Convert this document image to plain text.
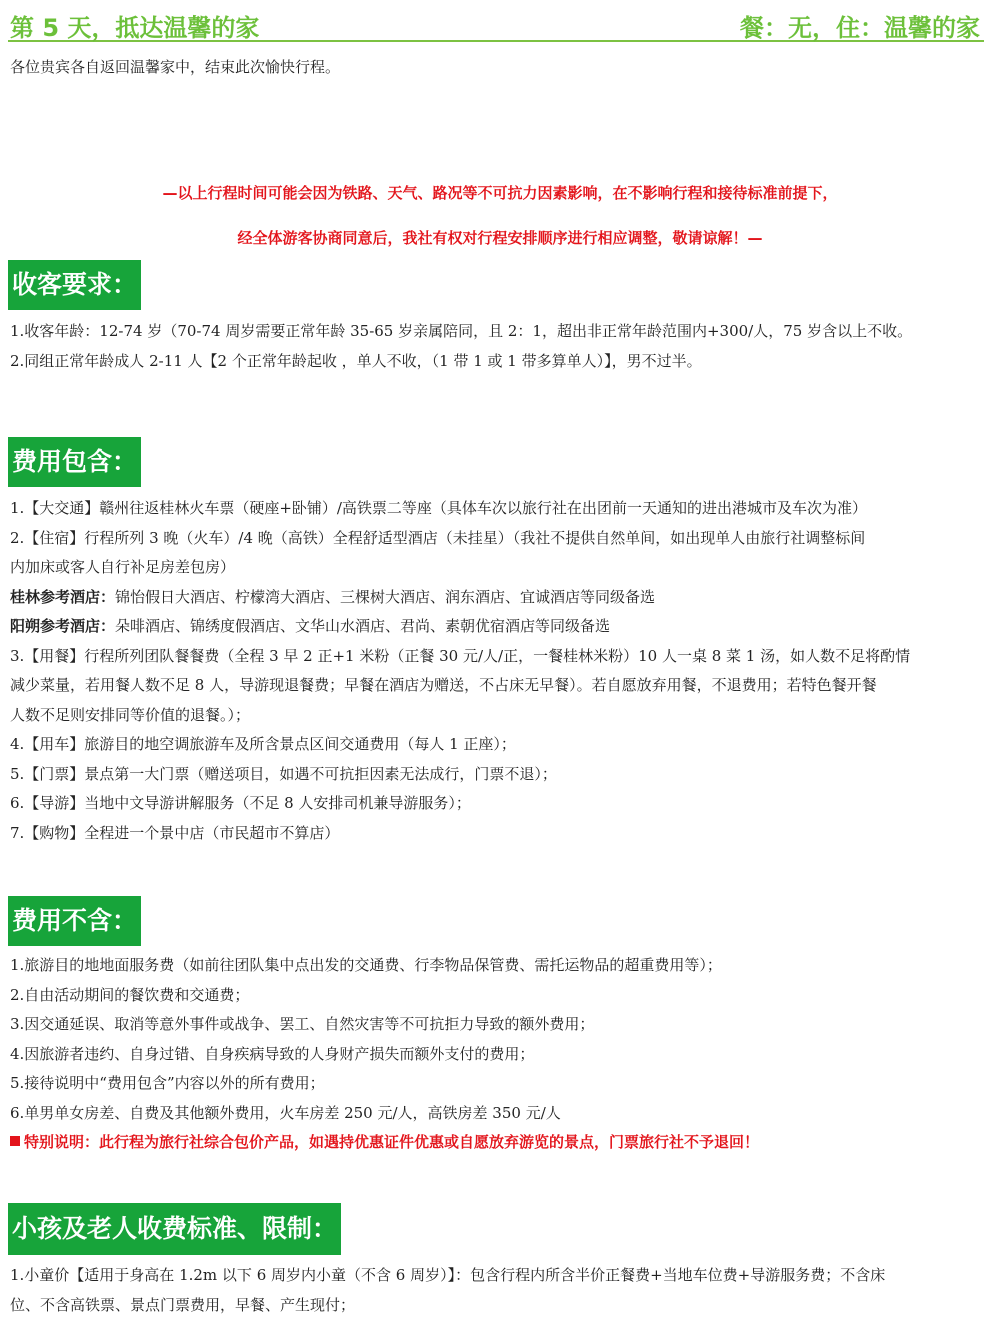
第 5 天，抵达温馨的家	餐：无，住：温馨的家
各位贵宾各自返回温馨家中，结束此次愉快行程。
—以上行程时间可能会因为铁路、天气、路况等不可抗力因素影响，在不影响行程和接待标准前提下，
经全体游客协商同意后，我社有权对行程安排顺序进行相应调整，敬请谅解！—
收客要求：
1.收客年龄：12-74 岁（70-74 周岁需要正常年龄 35-65 岁亲属陪同，且 2：1，超出非正常年龄范围内+300/人，75 岁含以上不收。
2.同组正常年龄成人 2-11 人【2 个正常年龄起收 ，单人不收，（1 带 1 或 1 带多算单人）】，男不过半。
费用包含：
1.【大交通】赣州往返桂林火车票（硬座+卧铺）/高铁票二等座（具体车次以旅行社在出团前一天通知的进出港城市及车次为准）
2.【住宿】行程所列 3 晚（火车）/4 晚（高铁）全程舒适型酒店（未挂星）（我社不提供自然单间，如出现单人由旅行社调整标间
内加床或客人自行补足房差包房）
桂林参考酒店：锦怡假日大酒店、柠檬湾大酒店、三棵树大酒店、润东酒店、宜诚酒店等同级备选
阳朔参考酒店：朵啡酒店、锦绣度假酒店、文华山水酒店、君尚、素朝优宿酒店等同级备选
3.【用餐】行程所列团队餐餐费（全程 3 早 2 正+1 米粉（正餐 30 元/人/正，一餐桂林米粉）10 人一桌 8 菜 1 汤，如人数不足将酌情
减少菜量，若用餐人数不足 8 人，导游现退餐费；早餐在酒店为赠送，不占床无早餐）。若自愿放弃用餐，不退费用；若特色餐开餐
人数不足则安排同等价值的退餐。）；
4.【用车】旅游目的地空调旅游车及所含景点区间交通费用（每人 1 正座）；
5.【门票】景点第一大门票（赠送项目，如遇不可抗拒因素无法成行，门票不退）；
6.【导游】当地中文导游讲解服务（不足 8 人安排司机兼导游服务）；
7.【购物】全程进一个景中店（市民超市不算店）
费用不含：
1.旅游目的地地面服务费（如前往团队集中点出发的交通费、行李物品保管费、需托运物品的超重费用等）；
2.自由活动期间的餐饮费和交通费；
3.因交通延误、取消等意外事件或战争、罢工、自然灾害等不可抗拒力导致的额外费用；
4.因旅游者违约、自身过错、自身疾病导致的人身财产损失而额外支付的费用；
5.接待说明中“费用包含”内容以外的所有费用；
6.单男单女房差、自费及其他额外费用，火车房差 250 元/人，高铁房差 350 元/人
特别说明：此行程为旅行社综合包价产品，如遇持优惠证件优惠或自愿放弃游览的景点，门票旅行社不予退回！
小孩及老人收费标准、限制：
1.小童价【适用于身高在 1.2m 以下 6 周岁内小童（不含 6 周岁）】：包含行程内所含半价正餐费+当地车位费+导游服务费；不含床
位、不含高铁票、景点门票费用，早餐、产生现付；
